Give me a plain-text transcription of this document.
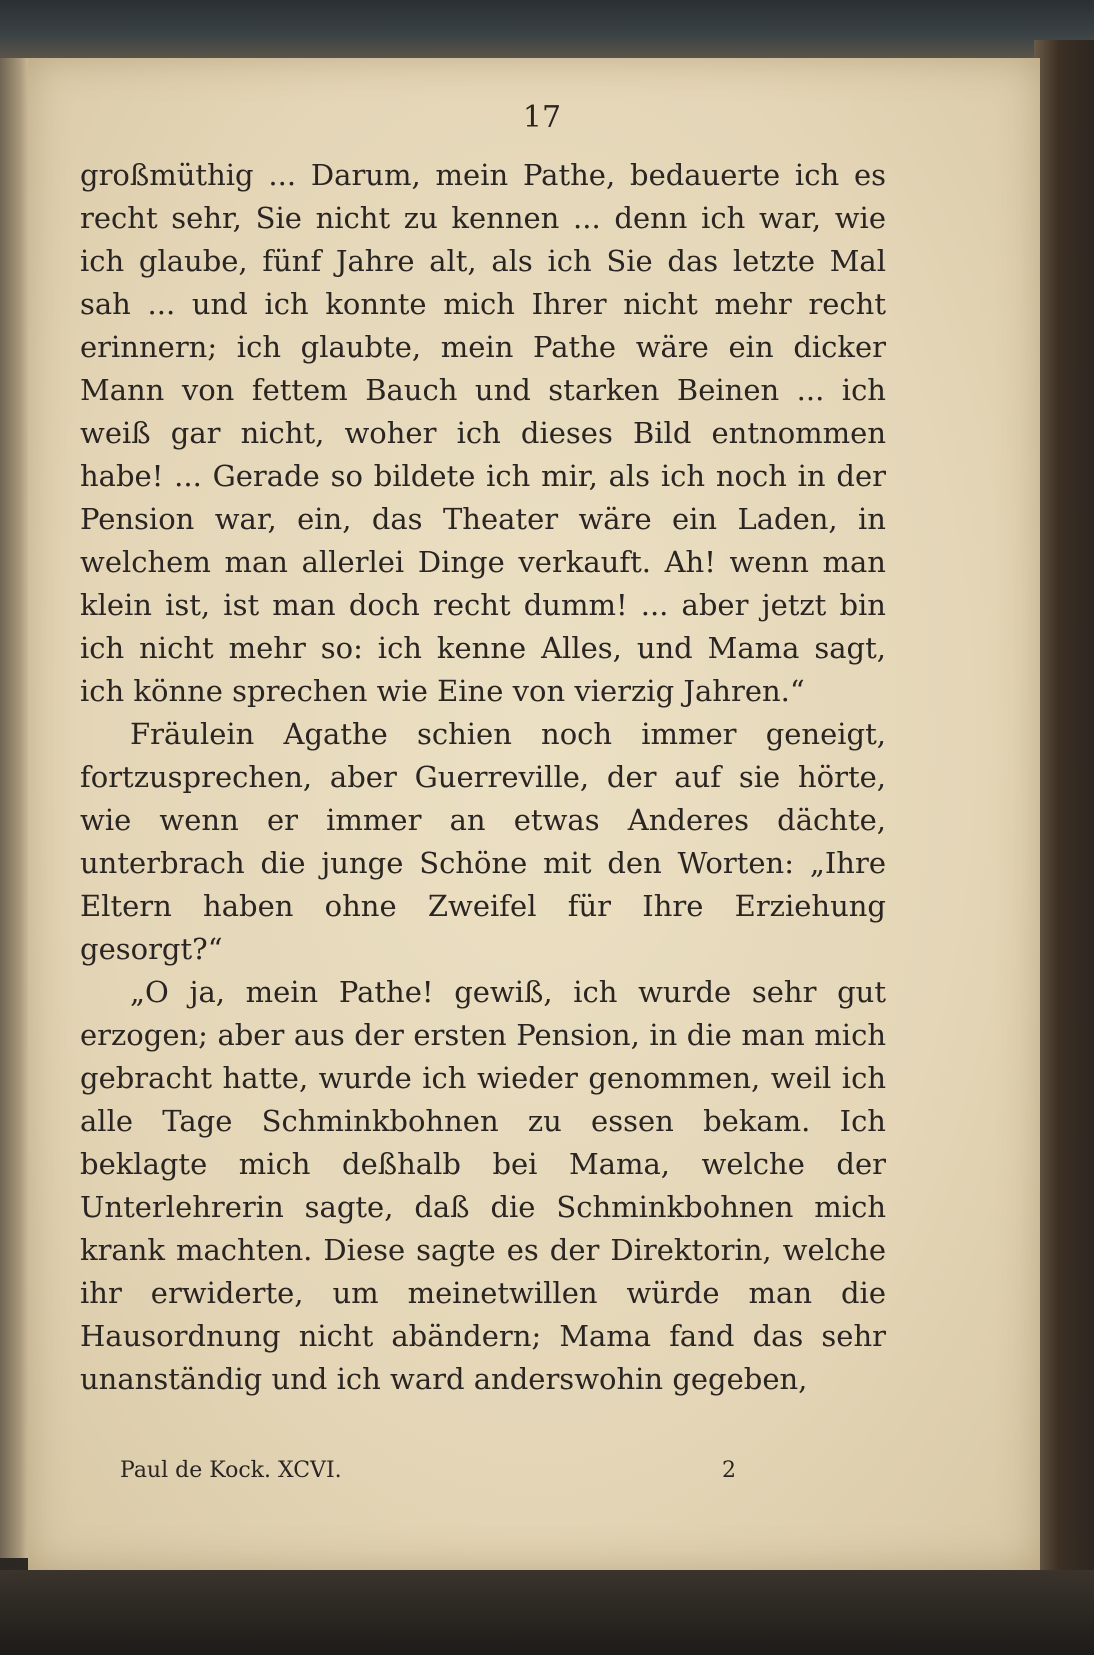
17

großmüthig ... Darum, mein Pathe, bedauerte ich es recht sehr, Sie nicht zu kennen ... denn ich war, wie ich glaube, fünf Jahre alt, als ich Sie das letzte Mal sah ... und ich konnte mich Ihrer nicht mehr recht erinnern; ich glaubte, mein Pathe wäre ein dicker Mann von fettem Bauch und starken Beinen ... ich weiß gar nicht, woher ich dieses Bild entnommen habe! ... Gerade so bildete ich mir, als ich noch in der Pension war, ein, das Theater wäre ein Laden, in welchem man allerlei Dinge verkauft. Ah! wenn man klein ist, ist man doch recht dumm! ... aber jetzt bin ich nicht mehr so: ich kenne Alles, und Mama sagt, ich könne sprechen wie Eine von vierzig Jahren.“

Fräulein Agathe schien noch immer geneigt, fortzusprechen, aber Guerreville, der auf sie hörte, wie wenn er immer an etwas Anderes dächte, unterbrach die junge Schöne mit den Worten: „Ihre Eltern haben ohne Zweifel für Ihre Erziehung gesorgt?“

„O ja, mein Pathe! gewiß, ich wurde sehr gut erzogen; aber aus der ersten Pension, in die man mich gebracht hatte, wurde ich wieder genommen, weil ich alle Tage Schminkbohnen zu essen bekam. Ich beklagte mich deßhalb bei Mama, welche der Unterlehrerin sagte, daß die Schminkbohnen mich krank machten. Diese sagte es der Direktorin, welche ihr erwiderte, um meinetwillen würde man die Hausordnung nicht abändern; Mama fand das sehr unanständig und ich ward anderswohin gegeben,

Paul de Kock. XCVI.	2
